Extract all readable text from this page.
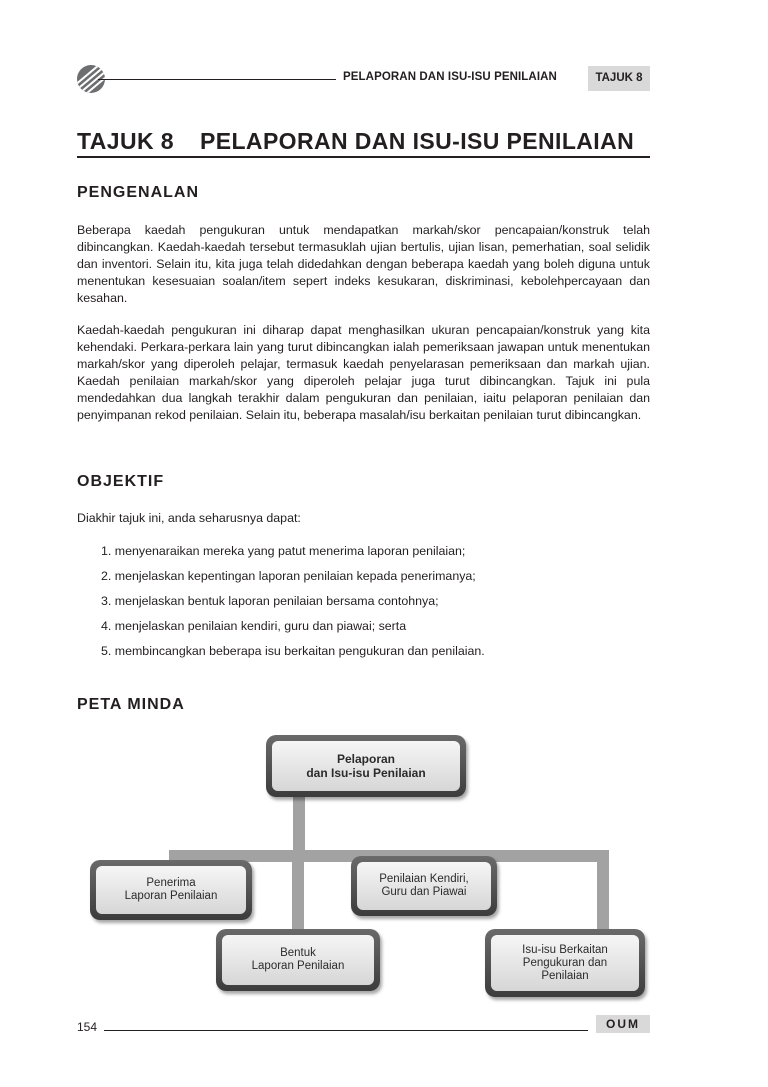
PELAPORAN DAN ISU-ISU PENILAIAN	TAJUK 8
TAJUK 8 PELAPORAN DAN ISU-ISU PENILAIAN
PENGENALAN

Beberapa kaedah pengukuran untuk mendapatkan markah/skor pencapaian/konstruk telah dibincangkan. Kaedah-kaedah tersebut termasuklah ujian bertulis, ujian lisan, pemerhatian, soal selidik dan inventori. Selain itu, kita juga telah didedahkan dengan beberapa kaedah yang boleh diguna untuk menentukan kesesuaian soalan/item sepert indeks kesukaran, diskriminasi, kebolehpercayaan dan kesahan.

Kaedah-kaedah pengukuran ini diharap dapat menghasilkan ukuran pencapaian/konstruk yang kita kehendaki. Perkara-perkara lain yang turut dibincangkan ialah pemeriksaan jawapan untuk menentukan markah/skor yang diperoleh pelajar, termasuk kaedah penyelarasan pemeriksaan dan markah ujian. Kaedah penilaian markah/skor yang diperoleh pelajar juga turut dibincangkan. Tajuk ini pula mendedahkan dua langkah terakhir dalam pengukuran dan penilaian, iaitu pelaporan penilaian dan penyimpanan rekod penilaian. Selain itu, beberapa masalah/isu berkaitan penilaian turut dibincangkan.

OBJEKTIF
Diakhir tajuk ini, anda seharusnya dapat:
1. menyenaraikan mereka yang patut menerima laporan penilaian;
2. menjelaskan kepentingan laporan penilaian kepada penerimanya;
3. menjelaskan bentuk laporan penilaian bersama contohnya;
4. menjelaskan penilaian kendiri, guru dan piawai; serta
5. membincangkan beberapa isu berkaitan pengukuran dan penilaian.
PETA MINDA
Pelaporan
dan Isu-isu Penilaian
Penerima
Laporan Penilaian
Bentuk
Laporan Penilaian
Penilaian Kendiri,
Guru dan Piawai
Isu-isu Berkaitan
Pengukuran dan
Penilaian
154	OUM
